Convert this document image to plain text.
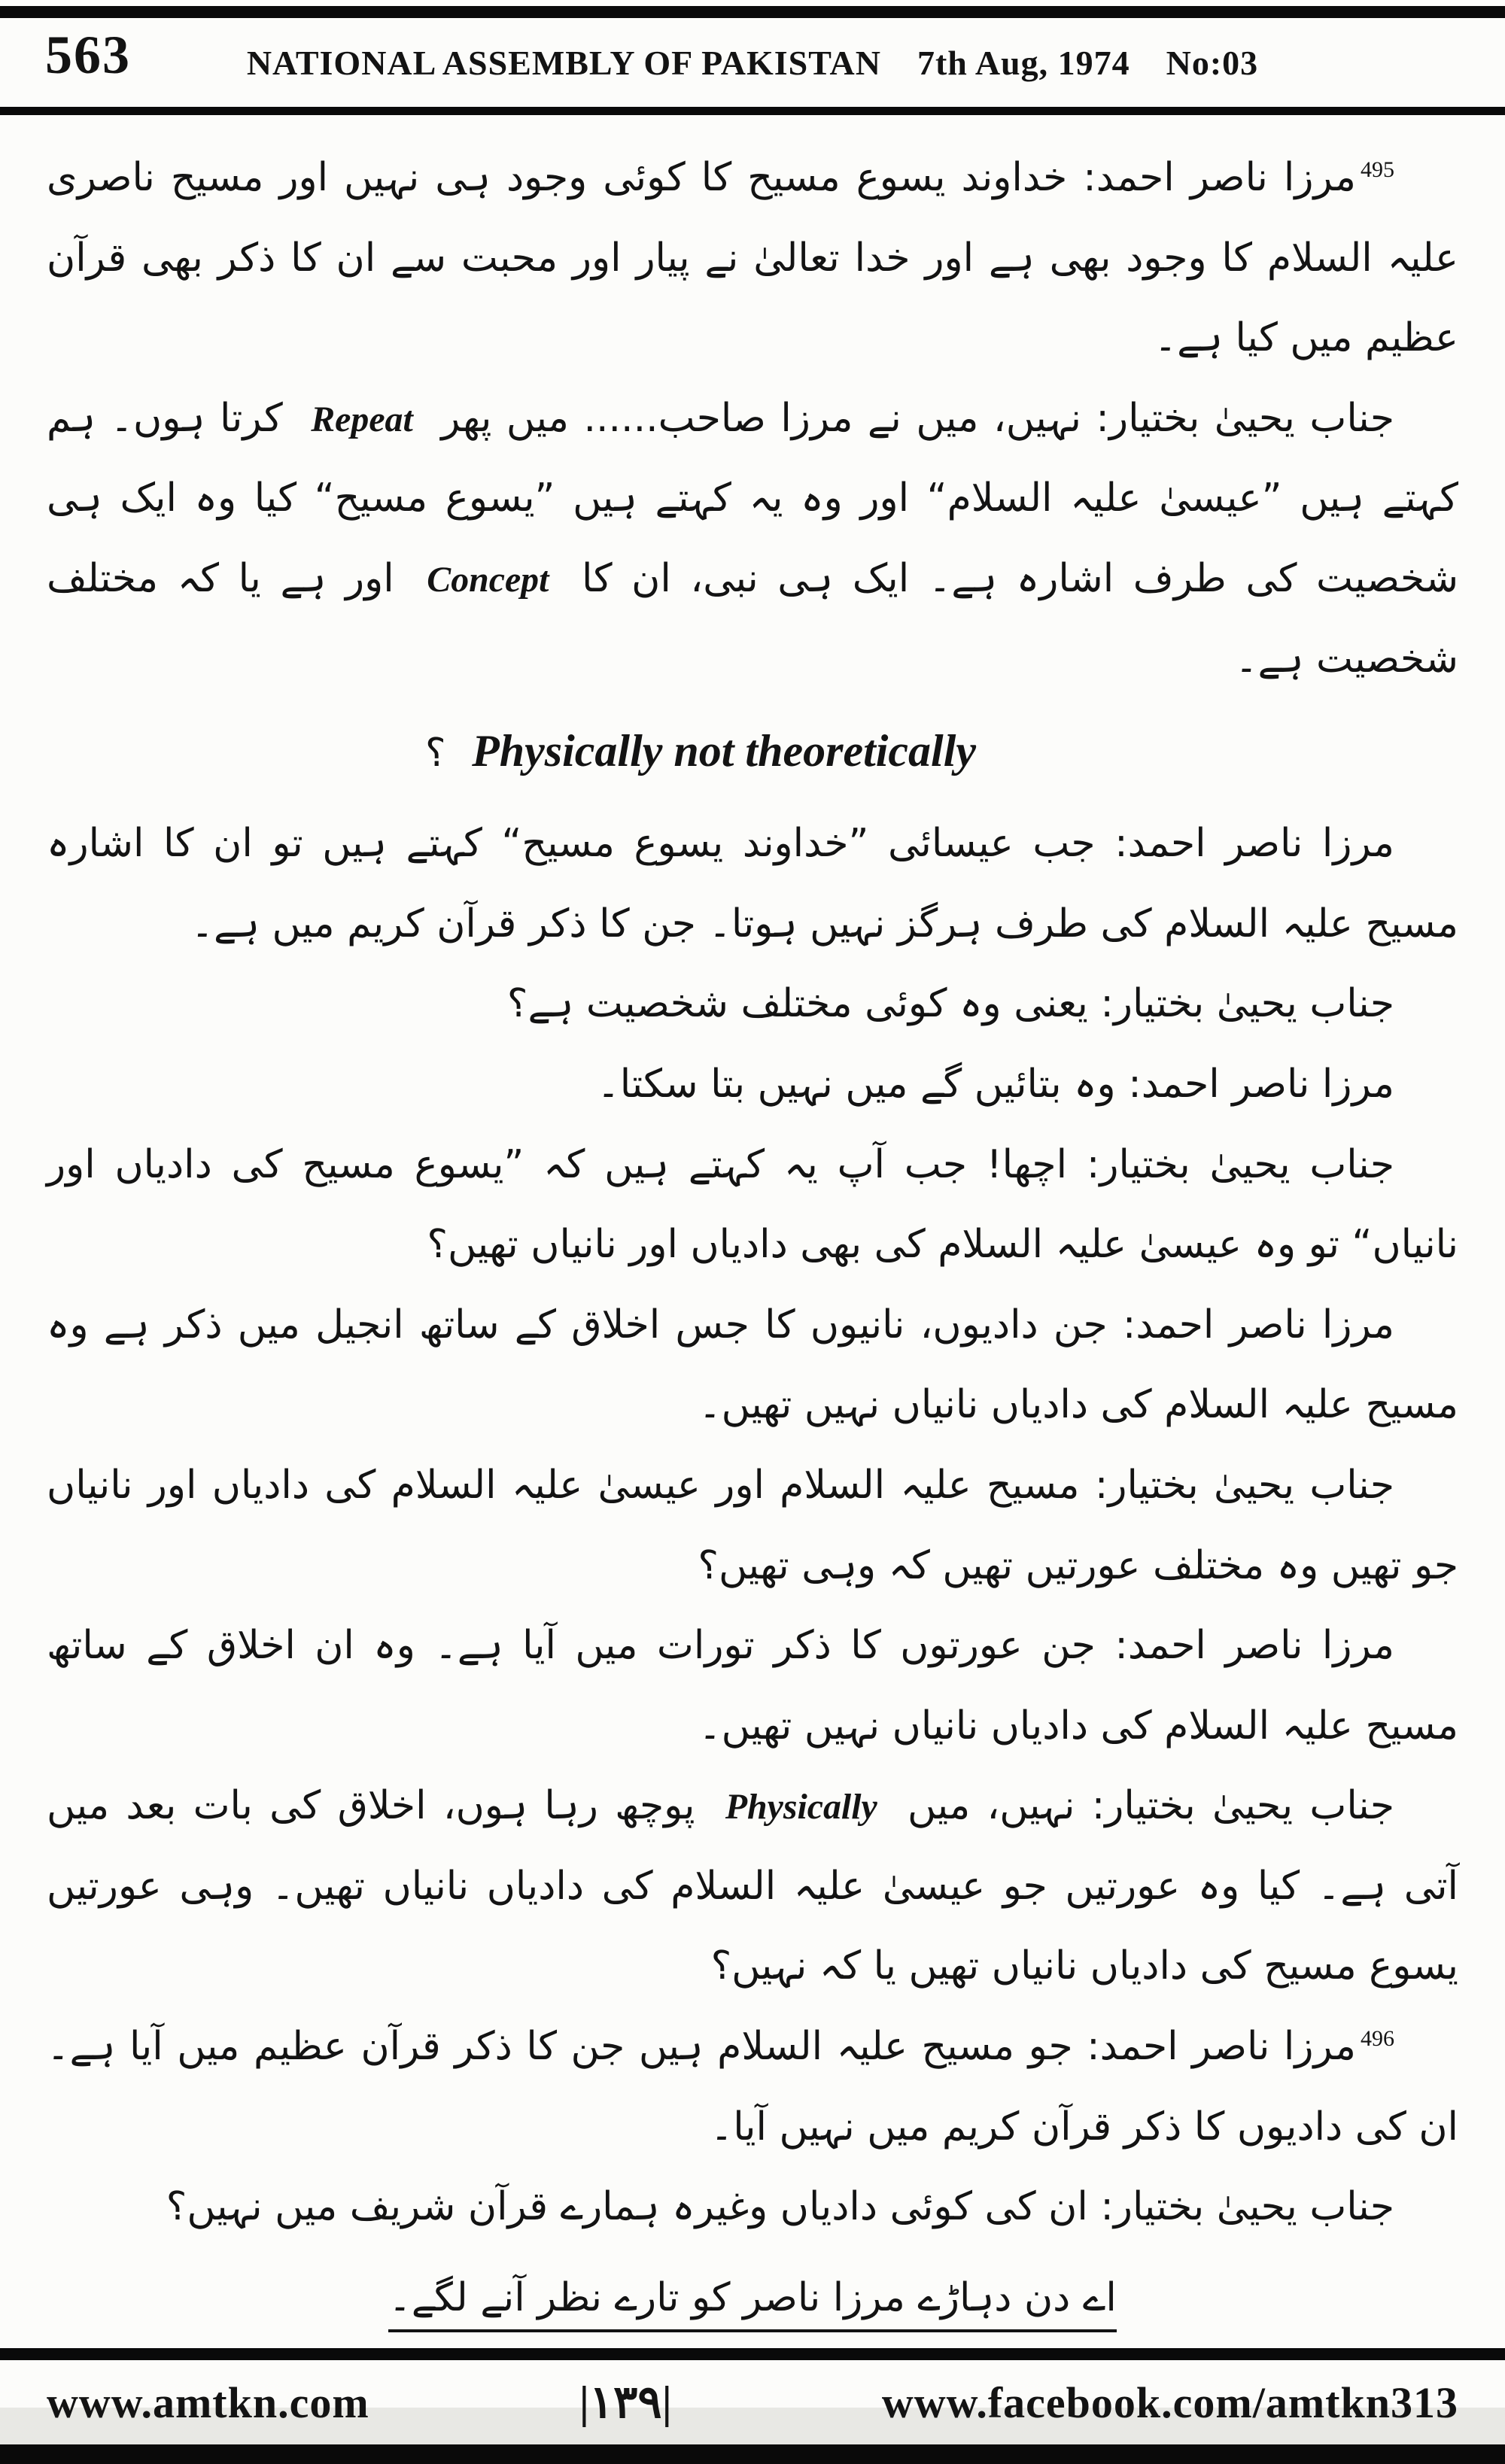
563	NATIONAL ASSEMBLY OF PAKISTAN 7th Aug, 1974 No:03

$^{495}$مرزا ناصر احمد: خداوند یسوع مسیح کا کوئی وجود ہی نہیں اور مسیح ناصری علیہ السلام کا وجود بھی ہے اور خدا تعالیٰ نے پیار اور محبت سے ان کا ذکر بھی قرآن عظیم میں کیا ہے۔

جناب یحییٰ بختیار: نہیں، میں نے مرزا صاحب...... میں پھر Repeat کرتا ہوں۔ ہم کہتے ہیں ”عیسیٰ علیہ السلام“ اور وہ یہ کہتے ہیں ”یسوع مسیح“ کیا وہ ایک ہی شخصیت کی طرف اشارہ ہے۔ ایک ہی نبی، ان کا Concept اور ہے یا کہ مختلف شخصیت ہے۔

Physically not theoretically ؟

مرزا ناصر احمد: جب عیسائی ”خداوند یسوع مسیح“ کہتے ہیں تو ان کا اشارہ مسیح علیہ السلام کی طرف ہرگز نہیں ہوتا۔ جن کا ذکر قرآن کریم میں ہے۔

جناب یحییٰ بختیار: یعنی وہ کوئی مختلف شخصیت ہے؟

مرزا ناصر احمد: وہ بتائیں گے میں نہیں بتا سکتا۔

جناب یحییٰ بختیار: اچھا! جب آپ یہ کہتے ہیں کہ ”یسوع مسیح کی دادیاں اور نانیاں“ تو وہ عیسیٰ علیہ السلام کی بھی دادیاں اور نانیاں تھیں؟

مرزا ناصر احمد: جن دادیوں، نانیوں کا جس اخلاق کے ساتھ انجیل میں ذکر ہے وہ مسیح علیہ السلام کی دادیاں نانیاں نہیں تھیں۔

جناب یحییٰ بختیار: مسیح علیہ السلام اور عیسیٰ علیہ السلام کی دادیاں اور نانیاں جو تھیں وہ مختلف عورتیں تھیں کہ وہی تھیں؟

مرزا ناصر احمد: جن عورتوں کا ذکر تورات میں آیا ہے۔ وہ ان اخلاق کے ساتھ مسیح علیہ السلام کی دادیاں نانیاں نہیں تھیں۔

جناب یحییٰ بختیار: نہیں، میں Physically پوچھ رہا ہوں، اخلاق کی بات بعد میں آتی ہے۔ کیا وہ عورتیں جو عیسیٰ علیہ السلام کی دادیاں نانیاں تھیں۔ وہی عورتیں یسوع مسیح کی دادیاں نانیاں تھیں یا کہ نہیں؟

$^{496}$مرزا ناصر احمد: جو مسیح علیہ السلام ہیں جن کا ذکر قرآن عظیم میں آیا ہے۔ ان کی دادیوں کا ذکر قرآن کریم میں نہیں آیا۔

جناب یحییٰ بختیار: ان کی کوئی دادیاں وغیرہ ہمارے قرآن شریف میں نہیں؟

اے دن دہاڑے مرزا ناصر کو تارے نظر آنے لگے۔

www.amtkn.com	|۱۳۹|	www.facebook.com/amtkn313
